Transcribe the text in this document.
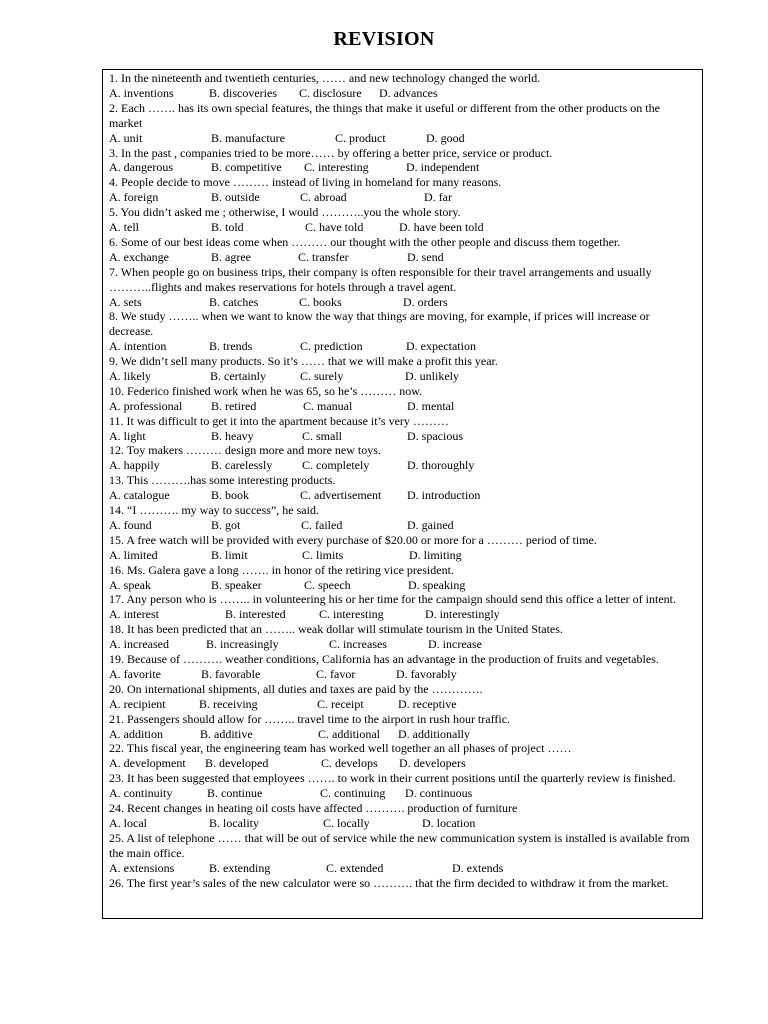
REVISION
1. In the nineteenth and twentieth centuries, …… and new technology changed the world.
A. inventions	B. discoveries C. disclosure D. advances
2. Each ……. has its own special features, the things that make it useful or different from the other products on the market
A. unit	B. manufacture	C. product	D. good
3. In the past , companies tried to be more…… by offering a better price, service or product.
A. dangerous	B. competitive C. interesting	D. independent
4. People decide to move ……… instead of living in homeland for many reasons.
A. foreign	B. outside	C. abroad	D. far
5. You didn’t asked me ; otherwise, I would ………..you the whole story.
A. tell	B. told	C. have told	D. have been told
6. Some of our best ideas come when ……… our thought with the other people and discuss them together.
A. exchange	B. agree	C. transfer	D. send
7. When people go on business trips, their company is often responsible for their travel arrangements and usually ………..flights and makes reservations for hotels through a travel agent.
A. sets	B. catches	C. books	D. orders
8. We study …….. when we want to know the way that things are moving, for example, if prices will increase or decrease.
A. intention	B. trends	C. prediction	D. expectation
9. We didn’t sell many products. So it’s …… that we will make a profit this year.
A. likely	B. certainly	C. surely	D. unlikely
10. Federico finished work when he was 65, so he’s ……… now.
A. professional B. retired	C. manual	D. mental
11. It was difficult to get it into the apartment because it’s very ………
A. light	B. heavy	C. small	D. spacious
12. Toy makers ……… design more and more new toys.
A. happily	B. carelessly C. completely	D. thoroughly
13. This ……….has some interesting products.
A. catalogue	B. book	C. advertisement D. introduction
14. “I ………. my way to success”, he said.
A. found	B. got	C. failed	D. gained
15. A free watch will be provided with every purchase of $20.00 or more for a ……… period of time.
A. limited	B. limit	C. limits	D. limiting
16. Ms. Galera gave a long ……. in honor of the retiring vice president.
A. speak	B. speaker	C. speech	D. speaking
17. Any person who is …….. in volunteering his or her time for the campaign should send this office a letter of intent.
A. interest	B. interested	C. interesting	D. interestingly
18. It has been predicted that an …….. weak dollar will stimulate tourism in the United States.
A. increased	B. increasingly	C. increases	D. increase
19. Because of ………. weather conditions, California has an advantage in the production of fruits and vegetables.
A. favorite	B. favorable	C. favor	D. favorably
20. On international shipments, all duties and taxes are paid by the ………….
A. recipient	B. receiving	C. receipt	D. receptive
21. Passengers should allow for …….. travel time to the airport in rush hour traffic.
A. addition	B. additive	C. additional D. additionally
22. This fiscal year, the engineering team has worked well together an all phases of project ……
A. development B. developed	C. develops D. developers
23. It has been suggested that employees ……. to work in their current positions until the quarterly review is finished.
A. continuity	B. continue	C. continuing D. continuous
24. Recent changes in heating oil costs have affected ………. production of furniture
A. local	B. locality	C. locally	D. location
25. A list of telephone …… that will be out of service while the new communication system is installed is available from the main office.
A. extensions	B. extending	C. extended	D. extends
26. The first year’s sales of the new calculator were so ………. that the firm decided to withdraw it from the market.
